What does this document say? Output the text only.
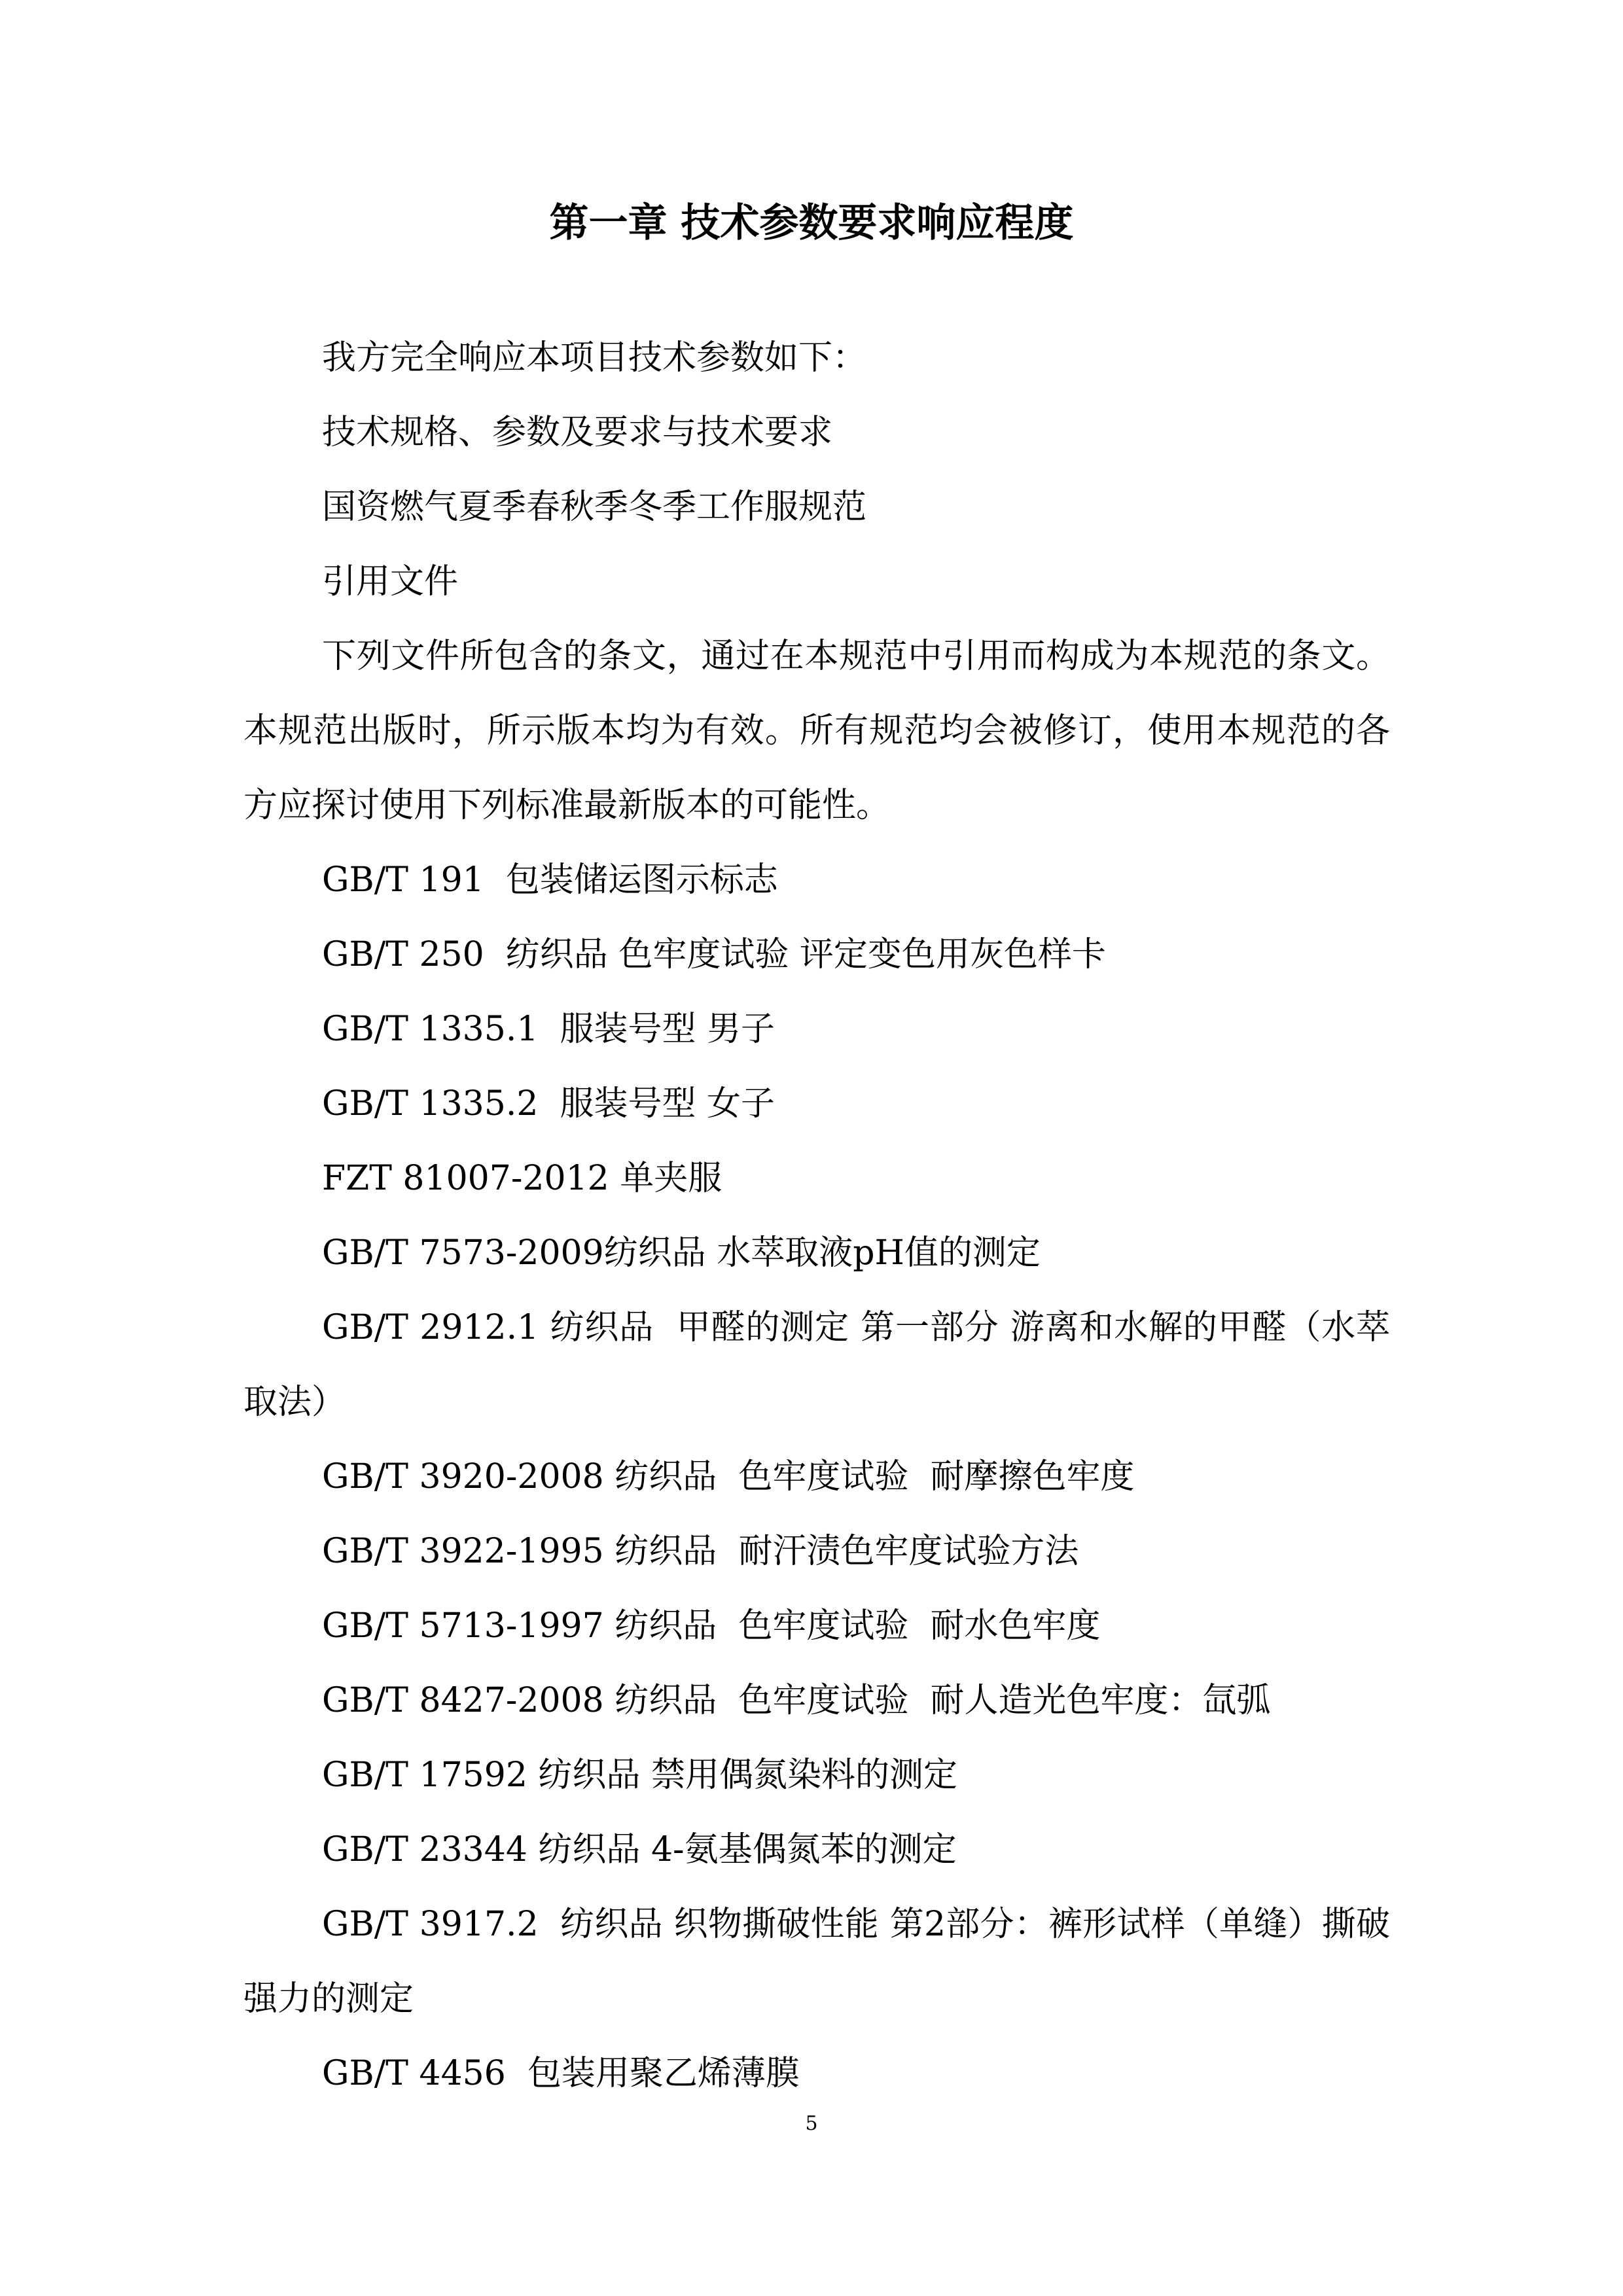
第一章 技术参数要求响应程度

我方完全响应本项目技术参数如下：

技术规格、参数及要求与技术要求

国资燃气夏季春秋季冬季工作服规范

引用文件

下列文件所包含的条文，通过在本规范中引用而构成为本规范的条文。本规范出版时，所示版本均为有效。所有规范均会被修订，使用本规范的各方应探讨使用下列标准最新版本的可能性。

GB/T 191  包装储运图示标志

GB/T 250  纺织品 色牢度试验 评定变色用灰色样卡

GB/T 1335.1  服装号型 男子

GB/T 1335.2  服装号型 女子

FZT 81007-2012 单夹服

GB/T 7573-2009纺织品 水萃取液pH值的测定

GB/T 2912.1 纺织品  甲醛的测定 第一部分 游离和水解的甲醛（水萃取法）

GB/T 3920-2008 纺织品  色牢度试验  耐摩擦色牢度

GB/T 3922-1995 纺织品  耐汗渍色牢度试验方法

GB/T 5713-1997 纺织品  色牢度试验  耐水色牢度

GB/T 8427-2008 纺织品  色牢度试验  耐人造光色牢度：氙弧

GB/T 17592 纺织品 禁用偶氮染料的测定

GB/T 23344 纺织品 4-氨基偶氮苯的测定

GB/T 3917.2  纺织品 织物撕破性能 第2部分：裤形试样（单缝）撕破强力的测定

GB/T 4456  包装用聚乙烯薄膜

5
